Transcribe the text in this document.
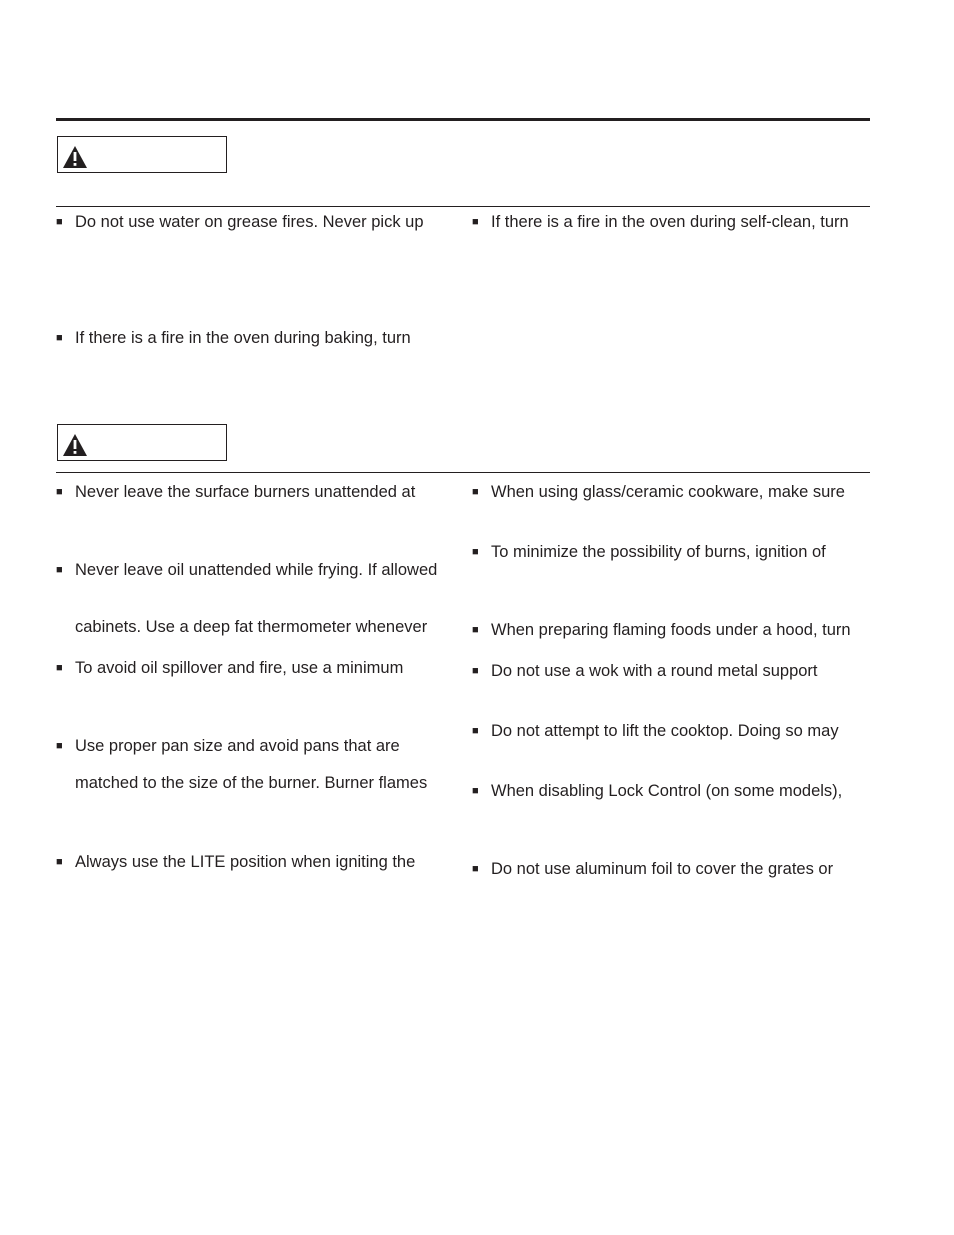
■ Do not use water on grease fires. Never pick up
■ If there is a fire in the oven during baking, turn
■ If there is a fire in the oven during self-clean, turn
■ Never leave the surface burners unattended at
■ Never leave oil unattended while frying. If allowed
cabinets. Use a deep fat thermometer whenever
■ To avoid oil spillover and fire, use a minimum
■ Use proper pan size and avoid pans that are
matched to the size of the burner. Burner flames
■ Always use the LITE position when igniting the
■ When using glass/ceramic cookware, make sure
■ To minimize the possibility of burns, ignition of
■ When preparing flaming foods under a hood, turn
■ Do not use a wok with a round metal support
■ Do not attempt to lift the cooktop. Doing so may
■ When disabling Lock Control (on some models),
■ Do not use aluminum foil to cover the grates or
